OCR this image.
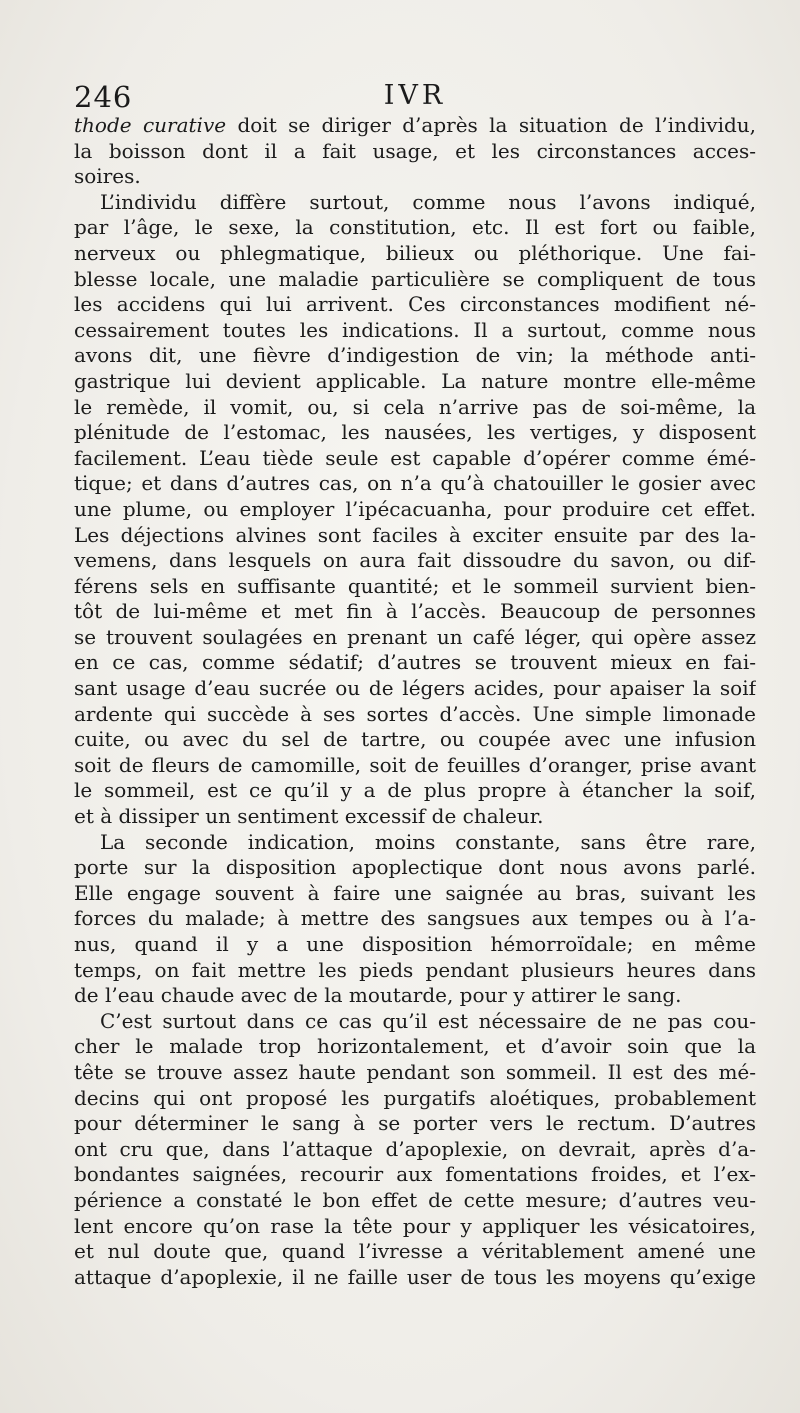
246	IVR
thode curative doit se diriger d’après la situation de l’individu,
la boisson dont il a fait usage, et les circonstances acces-
soires.
L’individu diffère surtout, comme nous l’avons indiqué,
par l’âge, le sexe, la constitution, etc. Il est fort ou faible,
nerveux ou phlegmatique, bilieux ou pléthorique. Une fai-
blesse locale, une maladie particulière se compliquent de tous
les accidens qui lui arrivent. Ces circonstances modifient né-
cessairement toutes les indications. Il a surtout, comme nous
avons dit, une fièvre d’indigestion de vin; la méthode anti-
gastrique lui devient applicable. La nature montre elle-même
le remède, il vomit, ou, si cela n’arrive pas de soi-même, la
plénitude de l’estomac, les nausées, les vertiges, y disposent
facilement. L’eau tiède seule est capable d’opérer comme émé-
tique; et dans d’autres cas, on n’a qu’à chatouiller le gosier avec
une plume, ou employer l’ipécacuanha, pour produire cet effet.
Les déjections alvines sont faciles à exciter ensuite par des la-
vemens, dans lesquels on aura fait dissoudre du savon, ou dif-
férens sels en suffisante quantité; et le sommeil survient bien-
tôt de lui-même et met fin à l’accès. Beaucoup de personnes
se trouvent soulagées en prenant un café léger, qui opère assez
en ce cas, comme sédatif; d’autres se trouvent mieux en fai-
sant usage d’eau sucrée ou de légers acides, pour apaiser la soif
ardente qui succède à ses sortes d’accès. Une simple limonade
cuite, ou avec du sel de tartre, ou coupée avec une infusion
soit de fleurs de camomille, soit de feuilles d’oranger, prise avant
le sommeil, est ce qu’il y a de plus propre à étancher la soif,
et à dissiper un sentiment excessif de chaleur.
La seconde indication, moins constante, sans être rare,
porte sur la disposition apoplectique dont nous avons parlé.
Elle engage souvent à faire une saignée au bras, suivant les
forces du malade; à mettre des sangsues aux tempes ou à l’a-
nus, quand il y a une disposition hémorroïdale; en même
temps, on fait mettre les pieds pendant plusieurs heures dans
de l’eau chaude avec de la moutarde, pour y attirer le sang.
C’est surtout dans ce cas qu’il est nécessaire de ne pas cou-
cher le malade trop horizontalement, et d’avoir soin que la
tête se trouve assez haute pendant son sommeil. Il est des mé-
decins qui ont proposé les purgatifs aloétiques, probablement
pour déterminer le sang à se porter vers le rectum. D’autres
ont cru que, dans l’attaque d’apoplexie, on devrait, après d’a-
bondantes saignées, recourir aux fomentations froides, et l’ex-
périence a constaté le bon effet de cette mesure; d’autres veu-
lent encore qu’on rase la tête pour y appliquer les vésicatoires,
et nul doute que, quand l’ivresse a véritablement amené une
attaque d’apoplexie, il ne faille user de tous les moyens qu’exige
